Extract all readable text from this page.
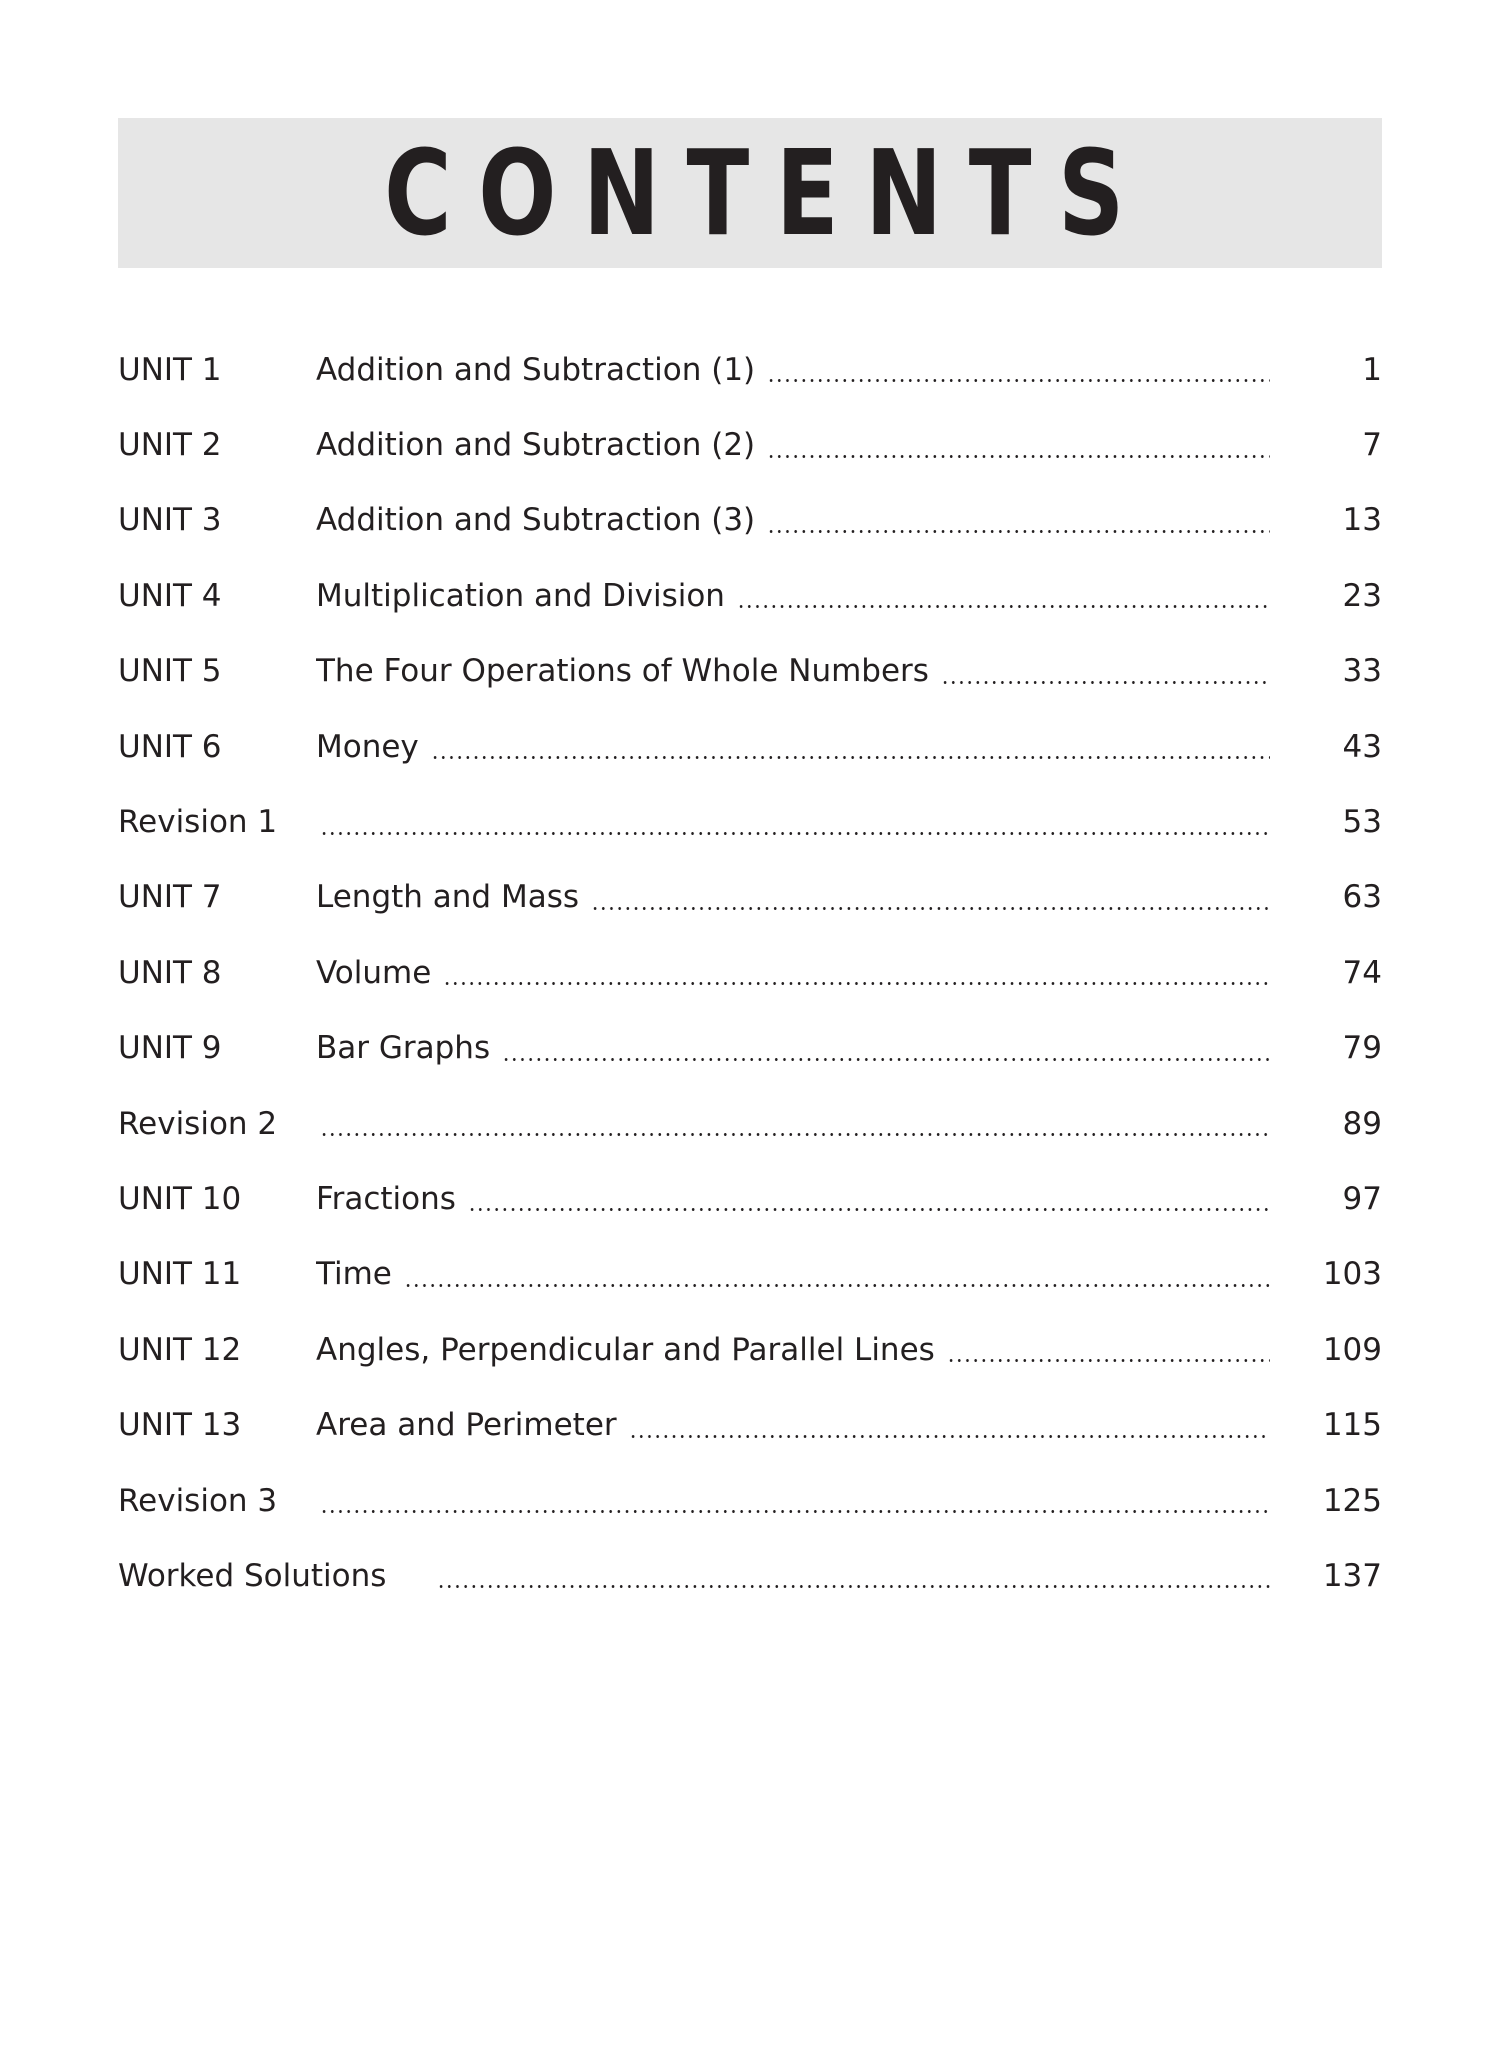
CONTENTS
UNIT 1	Addition and Subtraction (1)	1
UNIT 2	Addition and Subtraction (2)	7
UNIT 3	Addition and Subtraction (3)	13
UNIT 4	Multiplication and Division	23
UNIT 5	The Four Operations of Whole Numbers	33
UNIT 6	Money	43
Revision 1	53
UNIT 7	Length and Mass	63
UNIT 8	Volume	74
UNIT 9	Bar Graphs	79
Revision 2	89
UNIT 10	Fractions	97
UNIT 11	Time	103
UNIT 12	Angles, Perpendicular and Parallel Lines	109
UNIT 13	Area and Perimeter	115
Revision 3	125
Worked Solutions	137
